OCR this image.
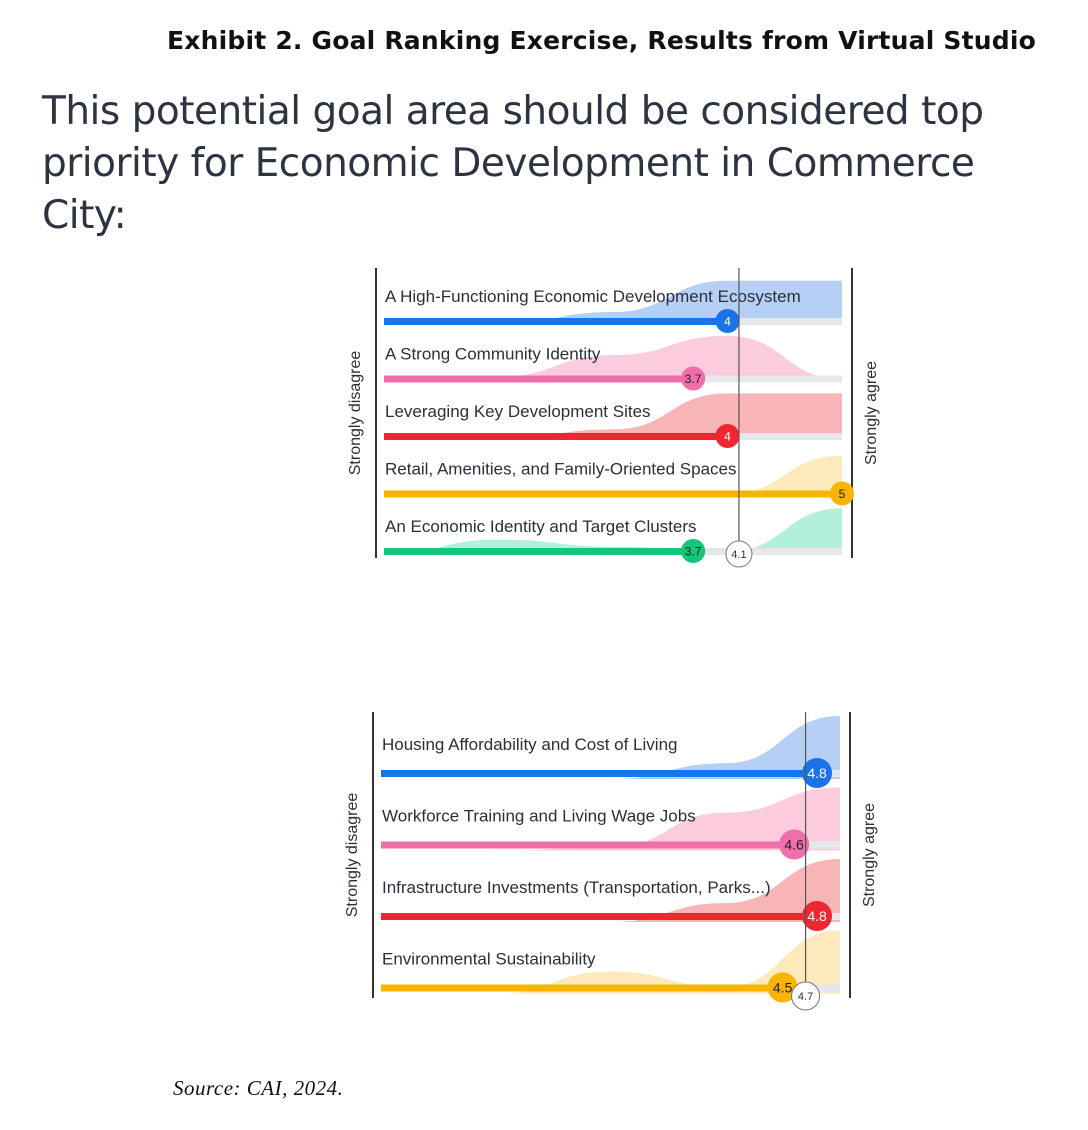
Exhibit 2. Goal Ranking Exercise, Results from Virtual Studio
This potential goal area should be considered top priority for Economic Development in Commerce City:
Strongly disagree	Strongly agree
A High-Functioning Economic Development Ecosystem
4
A Strong Community Identity
3.7
Leveraging Key Development Sites
4
Retail, Amenities, and Family-Oriented Spaces
5
An Economic Identity and Target Clusters
3.7	4.1
Strongly disagree	Strongly agree
Housing Affordability and Cost of Living
4.8
Workforce Training and Living Wage Jobs
4.6
Infrastructure Investments (Transportation, Parks...)
4.8
Environmental Sustainability
4.5
4.7
Source: CAI, 2024.
